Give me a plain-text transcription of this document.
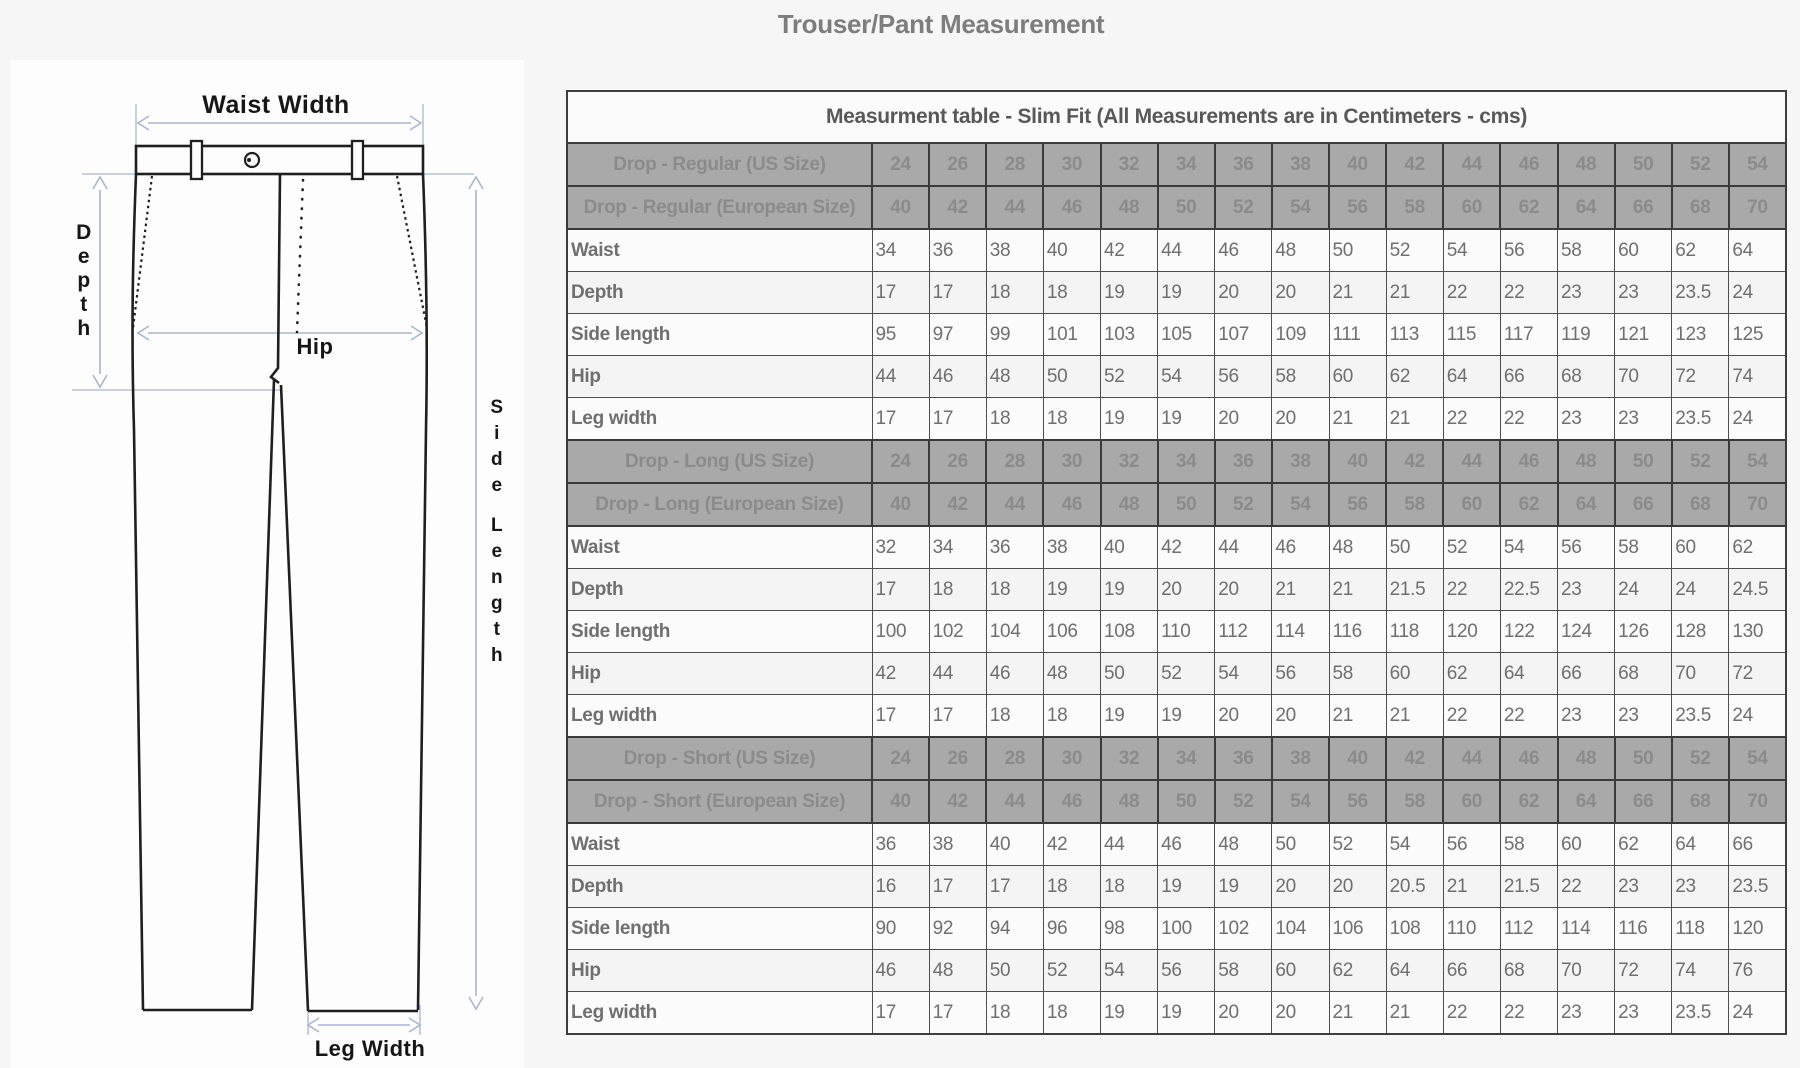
Trouser/Pant Measurement
Waist Width
D
e
p
t
h
Hip
S
i
d
e
L
e
n
g
t
h
Leg Width
Measurment table - Slim Fit (All Measurements are in Centimeters - cms)																
Drop - Regular (US Size)	24	26	28	30	32	34	36	38	40	42	44	46	48	50	52	54
Drop - Regular (European Size)	40	42	44	46	48	50	52	54	56	58	60	62	64	66	68	70
Waist	34	36	38	40	42	44	46	48	50	52	54	56	58	60	62	64
Depth	17	17	18	18	19	19	20	20	21	21	22	22	23	23	23.5	24
Side length	95	97	99	101	103	105	107	109	111	113	115	117	119	121	123	125
Hip	44	46	48	50	52	54	56	58	60	62	64	66	68	70	72	74
Leg width	17	17	18	18	19	19	20	20	21	21	22	22	23	23	23.5	24
Drop - Long (US Size)	24	26	28	30	32	34	36	38	40	42	44	46	48	50	52	54
Drop - Long (European Size)	40	42	44	46	48	50	52	54	56	58	60	62	64	66	68	70
Waist	32	34	36	38	40	42	44	46	48	50	52	54	56	58	60	62
Depth	17	18	18	19	19	20	20	21	21	21.5	22	22.5	23	24	24	24.5
Side length	100	102	104	106	108	110	112	114	116	118	120	122	124	126	128	130
Hip	42	44	46	48	50	52	54	56	58	60	62	64	66	68	70	72
Leg width	17	17	18	18	19	19	20	20	21	21	22	22	23	23	23.5	24
Drop - Short (US Size)	24	26	28	30	32	34	36	38	40	42	44	46	48	50	52	54
Drop - Short (European Size)	40	42	44	46	48	50	52	54	56	58	60	62	64	66	68	70
Waist	36	38	40	42	44	46	48	50	52	54	56	58	60	62	64	66
Depth	16	17	17	18	18	19	19	20	20	20.5	21	21.5	22	23	23	23.5
Side length	90	92	94	96	98	100	102	104	106	108	110	112	114	116	118	120
Hip	46	48	50	52	54	56	58	60	62	64	66	68	70	72	74	76
Leg width	17	17	18	18	19	19	20	20	21	21	22	22	23	23	23.5	24
